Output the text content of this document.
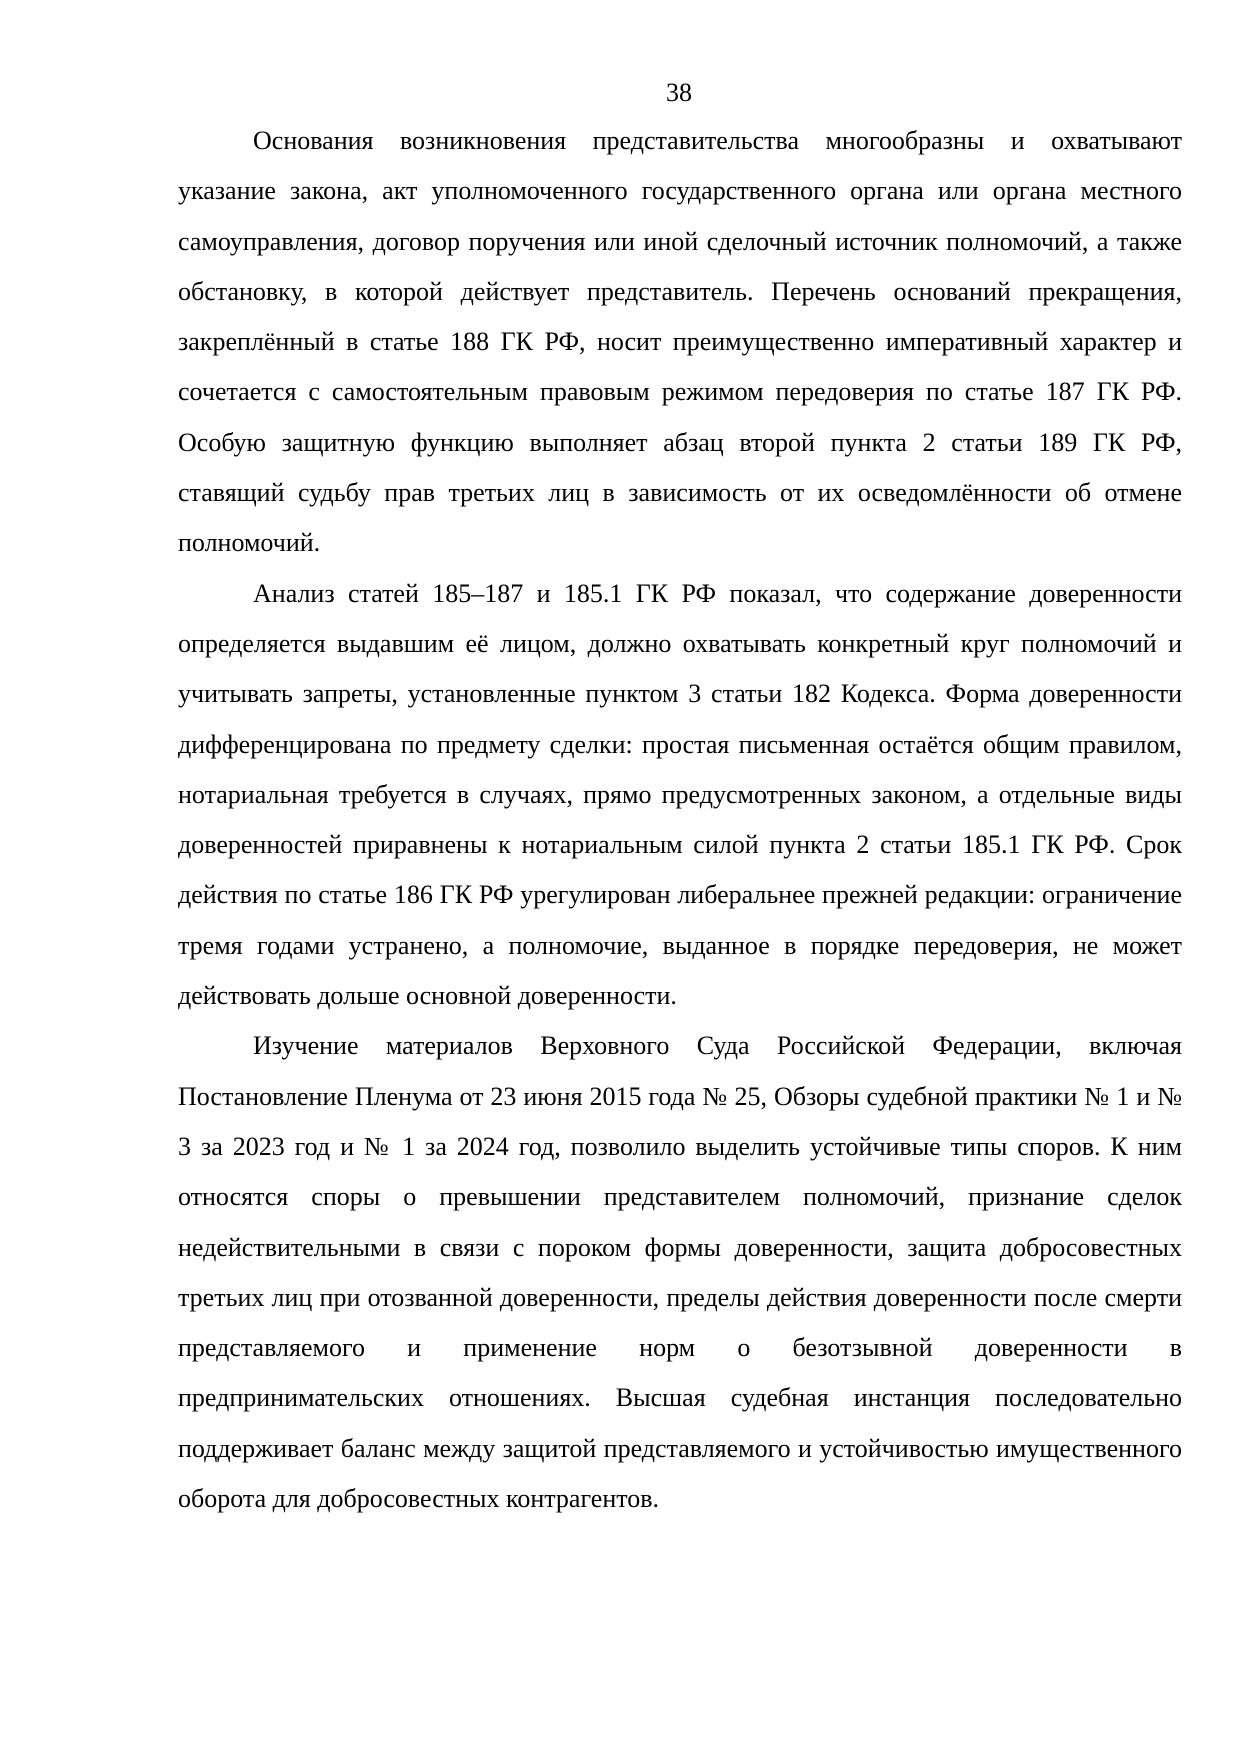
38

Основания возникновения представительства многообразны и охватывают указание закона, акт уполномоченного государственного органа или органа местного самоуправления, договор поручения или иной сделочный источник полномочий, а также обстановку, в которой действует представитель. Перечень оснований прекращения, закреплённый в статье 188 ГК РФ, носит преимущественно императивный характер и сочетается с самостоятельным правовым режимом передоверия по статье 187 ГК РФ. Особую защитную функцию выполняет абзац второй пункта 2 статьи 189 ГК РФ, ставящий судьбу прав третьих лиц в зависимость от их осведомлённости об отмене полномочий.

Анализ статей 185–187 и 185.1 ГК РФ показал, что содержание доверенности определяется выдавшим её лицом, должно охватывать конкретный круг полномочий и учитывать запреты, установленные пунктом 3 статьи 182 Кодекса. Форма доверенности дифференцирована по предмету сделки: простая письменная остаётся общим правилом, нотариальная требуется в случаях, прямо предусмотренных законом, а отдельные виды доверенностей приравнены к нотариальным силой пункта 2 статьи 185.1 ГК РФ. Срок действия по статье 186 ГК РФ урегулирован либеральнее прежней редакции: ограничение тремя годами устранено, а полномочие, выданное в порядке передоверия, не может действовать дольше основной доверенности.

Изучение материалов Верховного Суда Российской Федерации, включая Постановление Пленума от 23 июня 2015 года № 25, Обзоры судебной практики № 1 и № 3 за 2023 год и № 1 за 2024 год, позволило выделить устойчивые типы споров. К ним относятся споры о превышении представителем полномочий, признание сделок недействительными в связи с пороком формы доверенности, защита добросовестных третьих лиц при отозванной доверенности, пределы действия доверенности после смерти представляемого и применение норм о безотзывной доверенности в предпринимательских отношениях. Высшая судебная инстанция последовательно поддерживает баланс между защитой представляемого и устойчивостью имущественного оборота для добросовестных контрагентов.
